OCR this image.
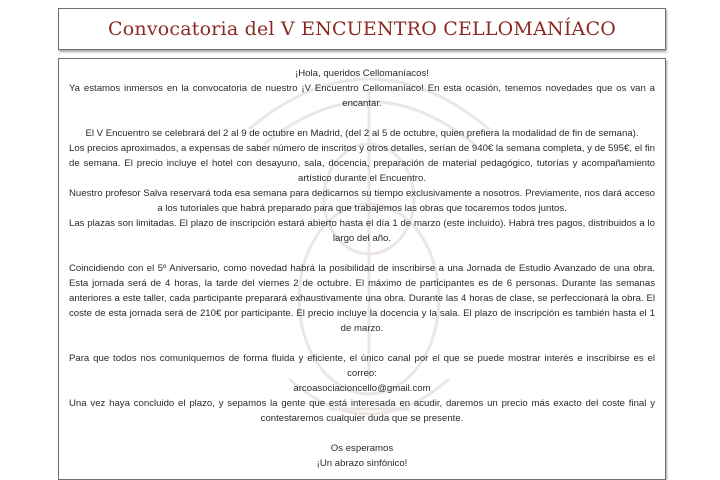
Convocatoria del V ENCUENTRO CELLOMANÍACO

¡Hola, queridos Cellomaníacos!

Ya estamos inmersos en la convocatoria de nuestro ¡V Encuentro Cellomaníaco! En esta ocasión, tenemos novedades que os van a encantar.

El V Encuentro se celebrará del 2 al 9 de octubre en Madrid, (del 2 al 5 de octubre, quien prefiera la modalidad de fin de semana).

Los precios aproximados, a expensas de saber número de inscritos y otros detalles, serían de 940€ la semana completa, y de 595€, el fin de semana. El precio incluye el hotel con desayuno, sala, docencia, preparación de material pedagógico, tutorías y acompañamiento artístico durante el Encuentro.

Nuestro profesor Salva reservará toda esa semana para dedicarnos su tiempo exclusivamente a nosotros. Previamente, nos dará acceso a los tutoriales que habrá preparado para que trabajemos las obras que tocaremos todos juntos.

Las plazas son limitadas. El plazo de inscripción estará abierto hasta el día 1 de marzo (este incluido). Habrá tres pagos, distribuidos a lo largo del año.

Coincidiendo con el 5º Aniversario, como novedad habrá la posibilidad de inscribirse a una Jornada de Estudio Avanzado de una obra. Esta jornada será de 4 horas, la tarde del viernes 2 de octubre. El máximo de participantes es de 6 personas. Durante las semanas anteriores a este taller, cada participante preparará exhaustivamente una obra. Durante las 4 horas de clase, se perfeccionará la obra. El coste de esta jornada será de 210€ por participante. El precio incluye la docencia y la sala. El plazo de inscripción es también hasta el 1 de marzo.

Para que todos nos comuniquemos de forma fluida y eficiente, el único canal por el que se puede mostrar interés e inscribirse es el correo:

arcoasociacioncello@gmail.com

Una vez haya concluido el plazo, y sepamos la gente que está interesada en acudir, daremos un precio más exacto del coste final y contestaremos cualquier duda que se presente.

Os esperamos

¡Un abrazo sinfónico!
